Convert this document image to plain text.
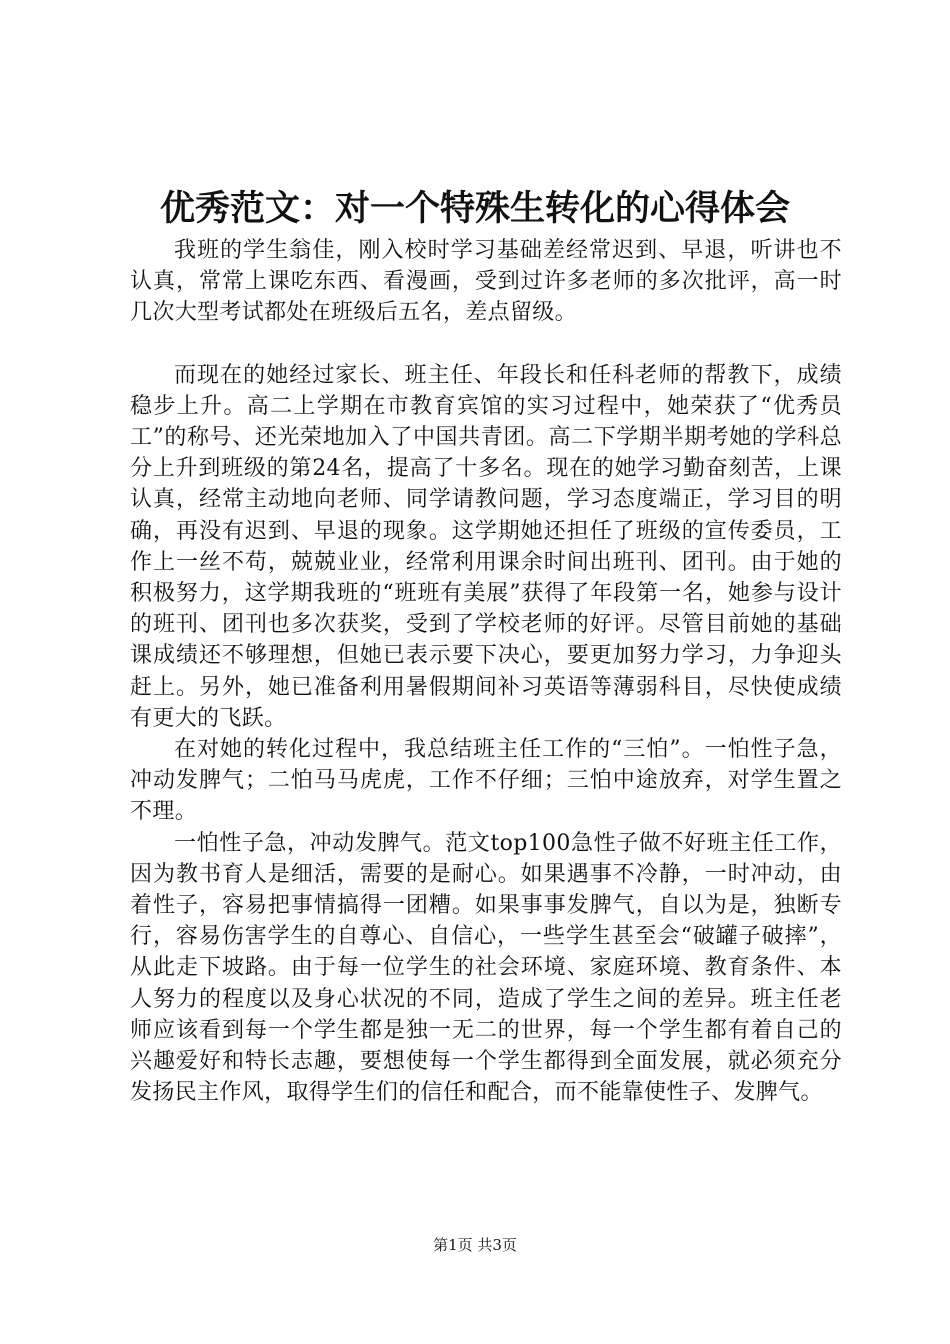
优秀范文：对一个特殊生转化的心得体会

我班的学生翁佳，刚入校时学习基础差经常迟到、早退，听讲也不认真，常常上课吃东西、看漫画，受到过许多老师的多次批评，高一时几次大型考试都处在班级后五名，差点留级。

而现在的她经过家长、班主任、年段长和任科老师的帮教下，成绩稳步上升。高二上学期在市教育宾馆的实习过程中，她荣获了“优秀员工”的称号、还光荣地加入了中国共青团。高二下学期半期考她的学科总分上升到班级的第24名，提高了十多名。现在的她学习勤奋刻苦，上课认真，经常主动地向老师、同学请教问题，学习态度端正，学习目的明确，再没有迟到、早退的现象。这学期她还担任了班级的宣传委员，工作上一丝不苟，兢兢业业，经常利用课余时间出班刊、团刊。由于她的积极努力，这学期我班的“班班有美展”获得了年段第一名，她参与设计的班刊、团刊也多次获奖，受到了学校老师的好评。尽管目前她的基础课成绩还不够理想，但她已表示要下决心，要更加努力学习，力争迎头赶上。另外，她已准备利用暑假期间补习英语等薄弱科目，尽快使成绩有更大的飞跃。

在对她的转化过程中，我总结班主任工作的“三怕”。一怕性子急，冲动发脾气；二怕马马虎虎，工作不仔细；三怕中途放弃，对学生置之不理。

一怕性子急，冲动发脾气。范文top100急性子做不好班主任工作，因为教书育人是细活，需要的是耐心。如果遇事不冷静，一时冲动，由着性子，容易把事情搞得一团糟。如果事事发脾气，自以为是，独断专行，容易伤害学生的自尊心、自信心，一些学生甚至会“破罐子破摔”，从此走下坡路。由于每一位学生的社会环境、家庭环境、教育条件、本人努力的程度以及身心状况的不同，造成了学生之间的差异。班主任老师应该看到每一个学生都是独一无二的世界，每一个学生都有着自己的兴趣爱好和特长志趣，要想使每一个学生都得到全面发展，就必须充分发扬民主作风，取得学生们的信任和配合，而不能靠使性子、发脾气。

第1页 共3页
